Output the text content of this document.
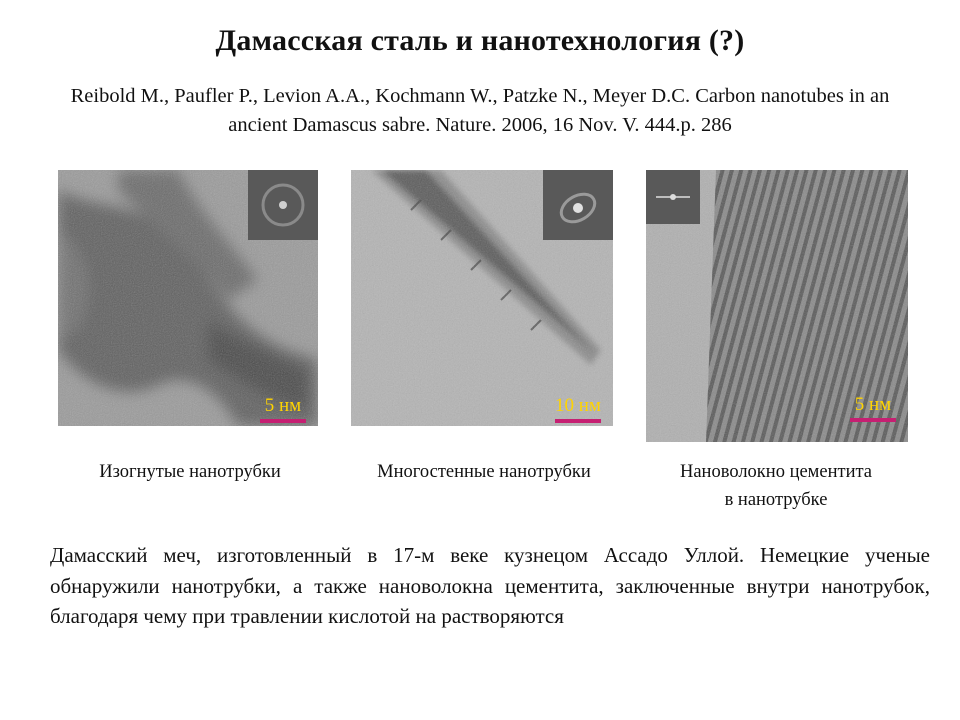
Дамасская сталь и нанотехнология (?)
Reibold M., Paufler P., Levion A.A., Kochmann W., Patzke N., Meyer D.C. Carbon nanotubes in an ancient Damascus sabre. Nature. 2006, 16 Nov. V. 444.p. 286
5 нм	10 нм	5 нм
Изогнутые нанотрубки	Многостенные нанотрубки	Нановолокно цементита
в нанотрубке
Дамасский меч, изготовленный в 17-м веке кузнецом Ассадо Уллой. Немецкие ученые обнаружили нанотрубки, а также нановолокна цементита, заключенные внутри нанотрубок, благодаря чему при травлении кислотой на растворяются
